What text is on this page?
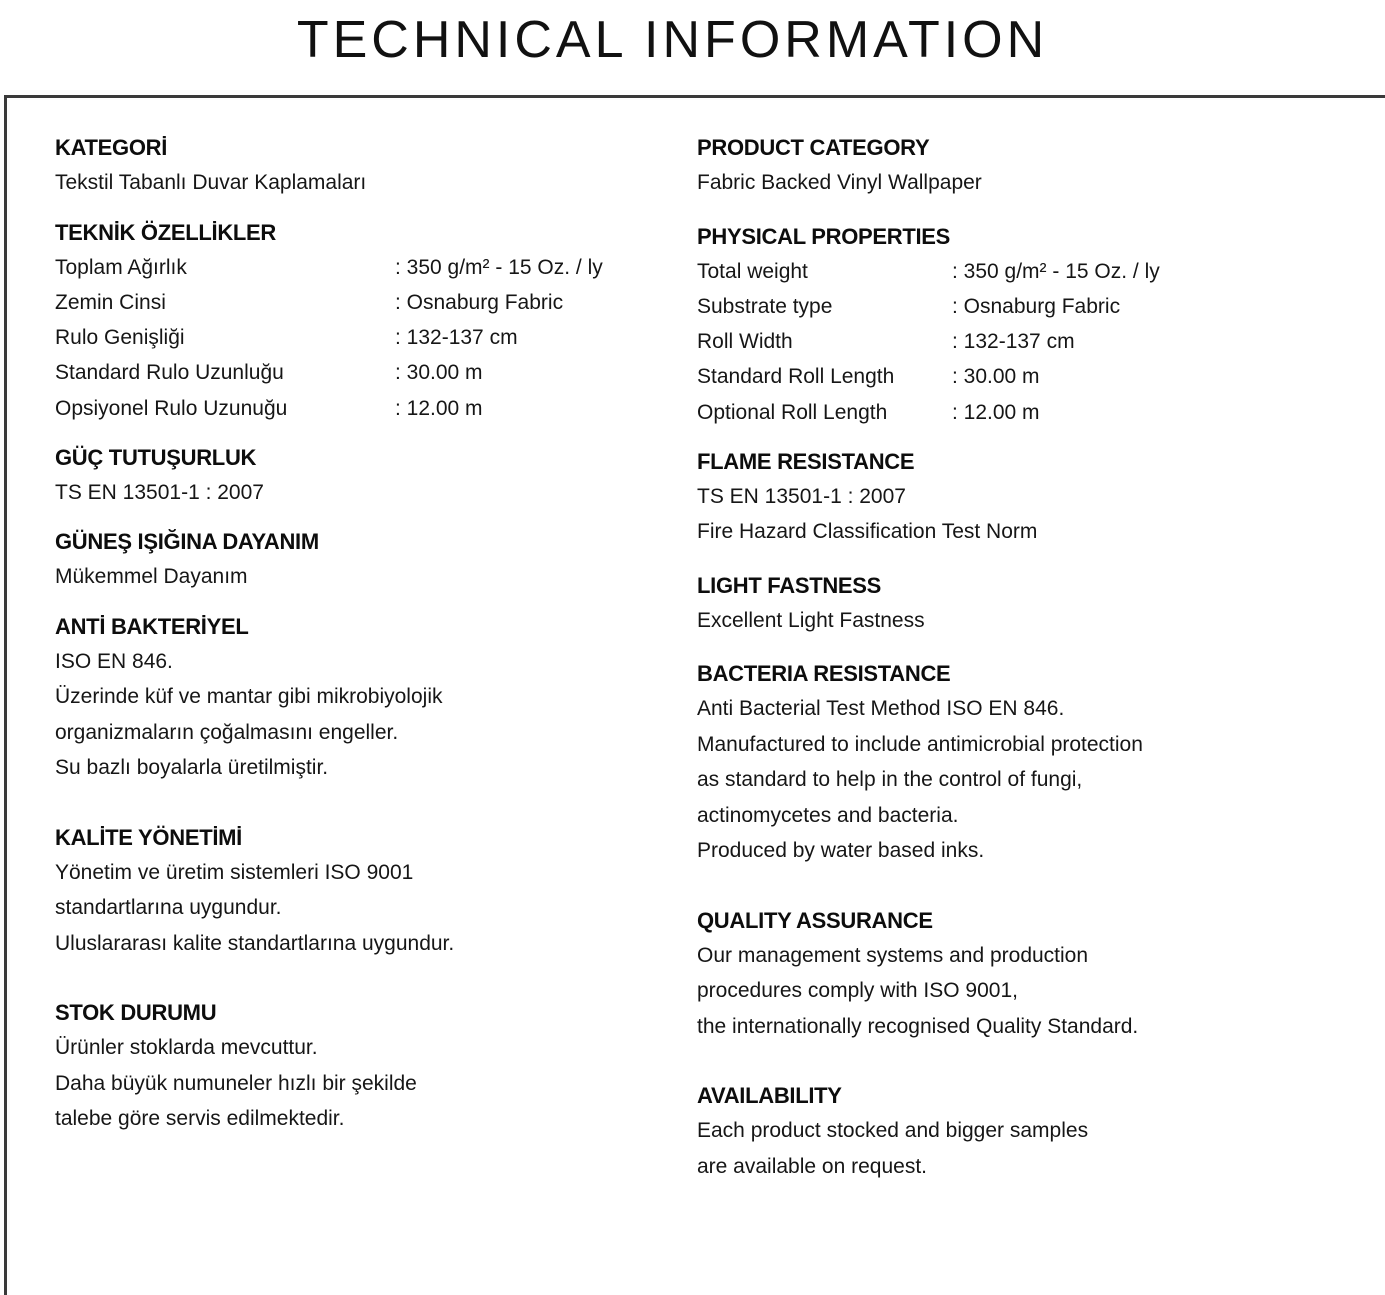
TECHNICAL INFORMATION
KATEGORİ
Tekstil Tabanlı Duvar Kaplamaları
TEKNİK ÖZELLİKLER
Toplam Ağırlık	: 350 g/m² - 15 Oz. / ly
Zemin Cinsi	: Osnaburg Fabric
Rulo Genişliği	: 132-137 cm
Standard Rulo Uzunluğu	: 30.00 m
Opsiyonel Rulo Uzunuğu	: 12.00 m
GÜÇ TUTUŞURLUK
TS EN 13501-1 : 2007
GÜNEŞ IŞIĞINA DAYANIM
Mükemmel Dayanım
ANTİ BAKTERİYEL
ISO EN 846.
Üzerinde küf ve mantar gibi mikrobiyolojik
organizmaların çoğalmasını engeller.
Su bazlı boyalarla üretilmiştir.
KALİTE YÖNETİMİ
Yönetim ve üretim sistemleri ISO 9001
standartlarına uygundur.
Uluslararası kalite standartlarına uygundur.
STOK DURUMU
Ürünler stoklarda mevcuttur.
Daha büyük numuneler hızlı bir şekilde
talebe göre servis edilmektedir.
PRODUCT CATEGORY
Fabric Backed Vinyl Wallpaper
PHYSICAL PROPERTIES
Total weight	: 350 g/m² - 15 Oz. / ly
Substrate type	: Osnaburg Fabric
Roll Width	: 132-137 cm
Standard Roll Length	: 30.00 m
Optional Roll Length	: 12.00 m
FLAME RESISTANCE
TS EN 13501-1 : 2007
Fire Hazard Classification Test Norm
LIGHT FASTNESS
Excellent Light Fastness
BACTERIA RESISTANCE
Anti Bacterial Test Method ISO EN 846.
Manufactured to include antimicrobial protection
as standard to help in the control of fungi,
actinomycetes and bacteria.
Produced by water based inks.
QUALITY ASSURANCE
Our management systems and production
procedures comply with ISO 9001,
the internationally recognised Quality Standard.
AVAILABILITY
Each product stocked and bigger samples
are available on request.
